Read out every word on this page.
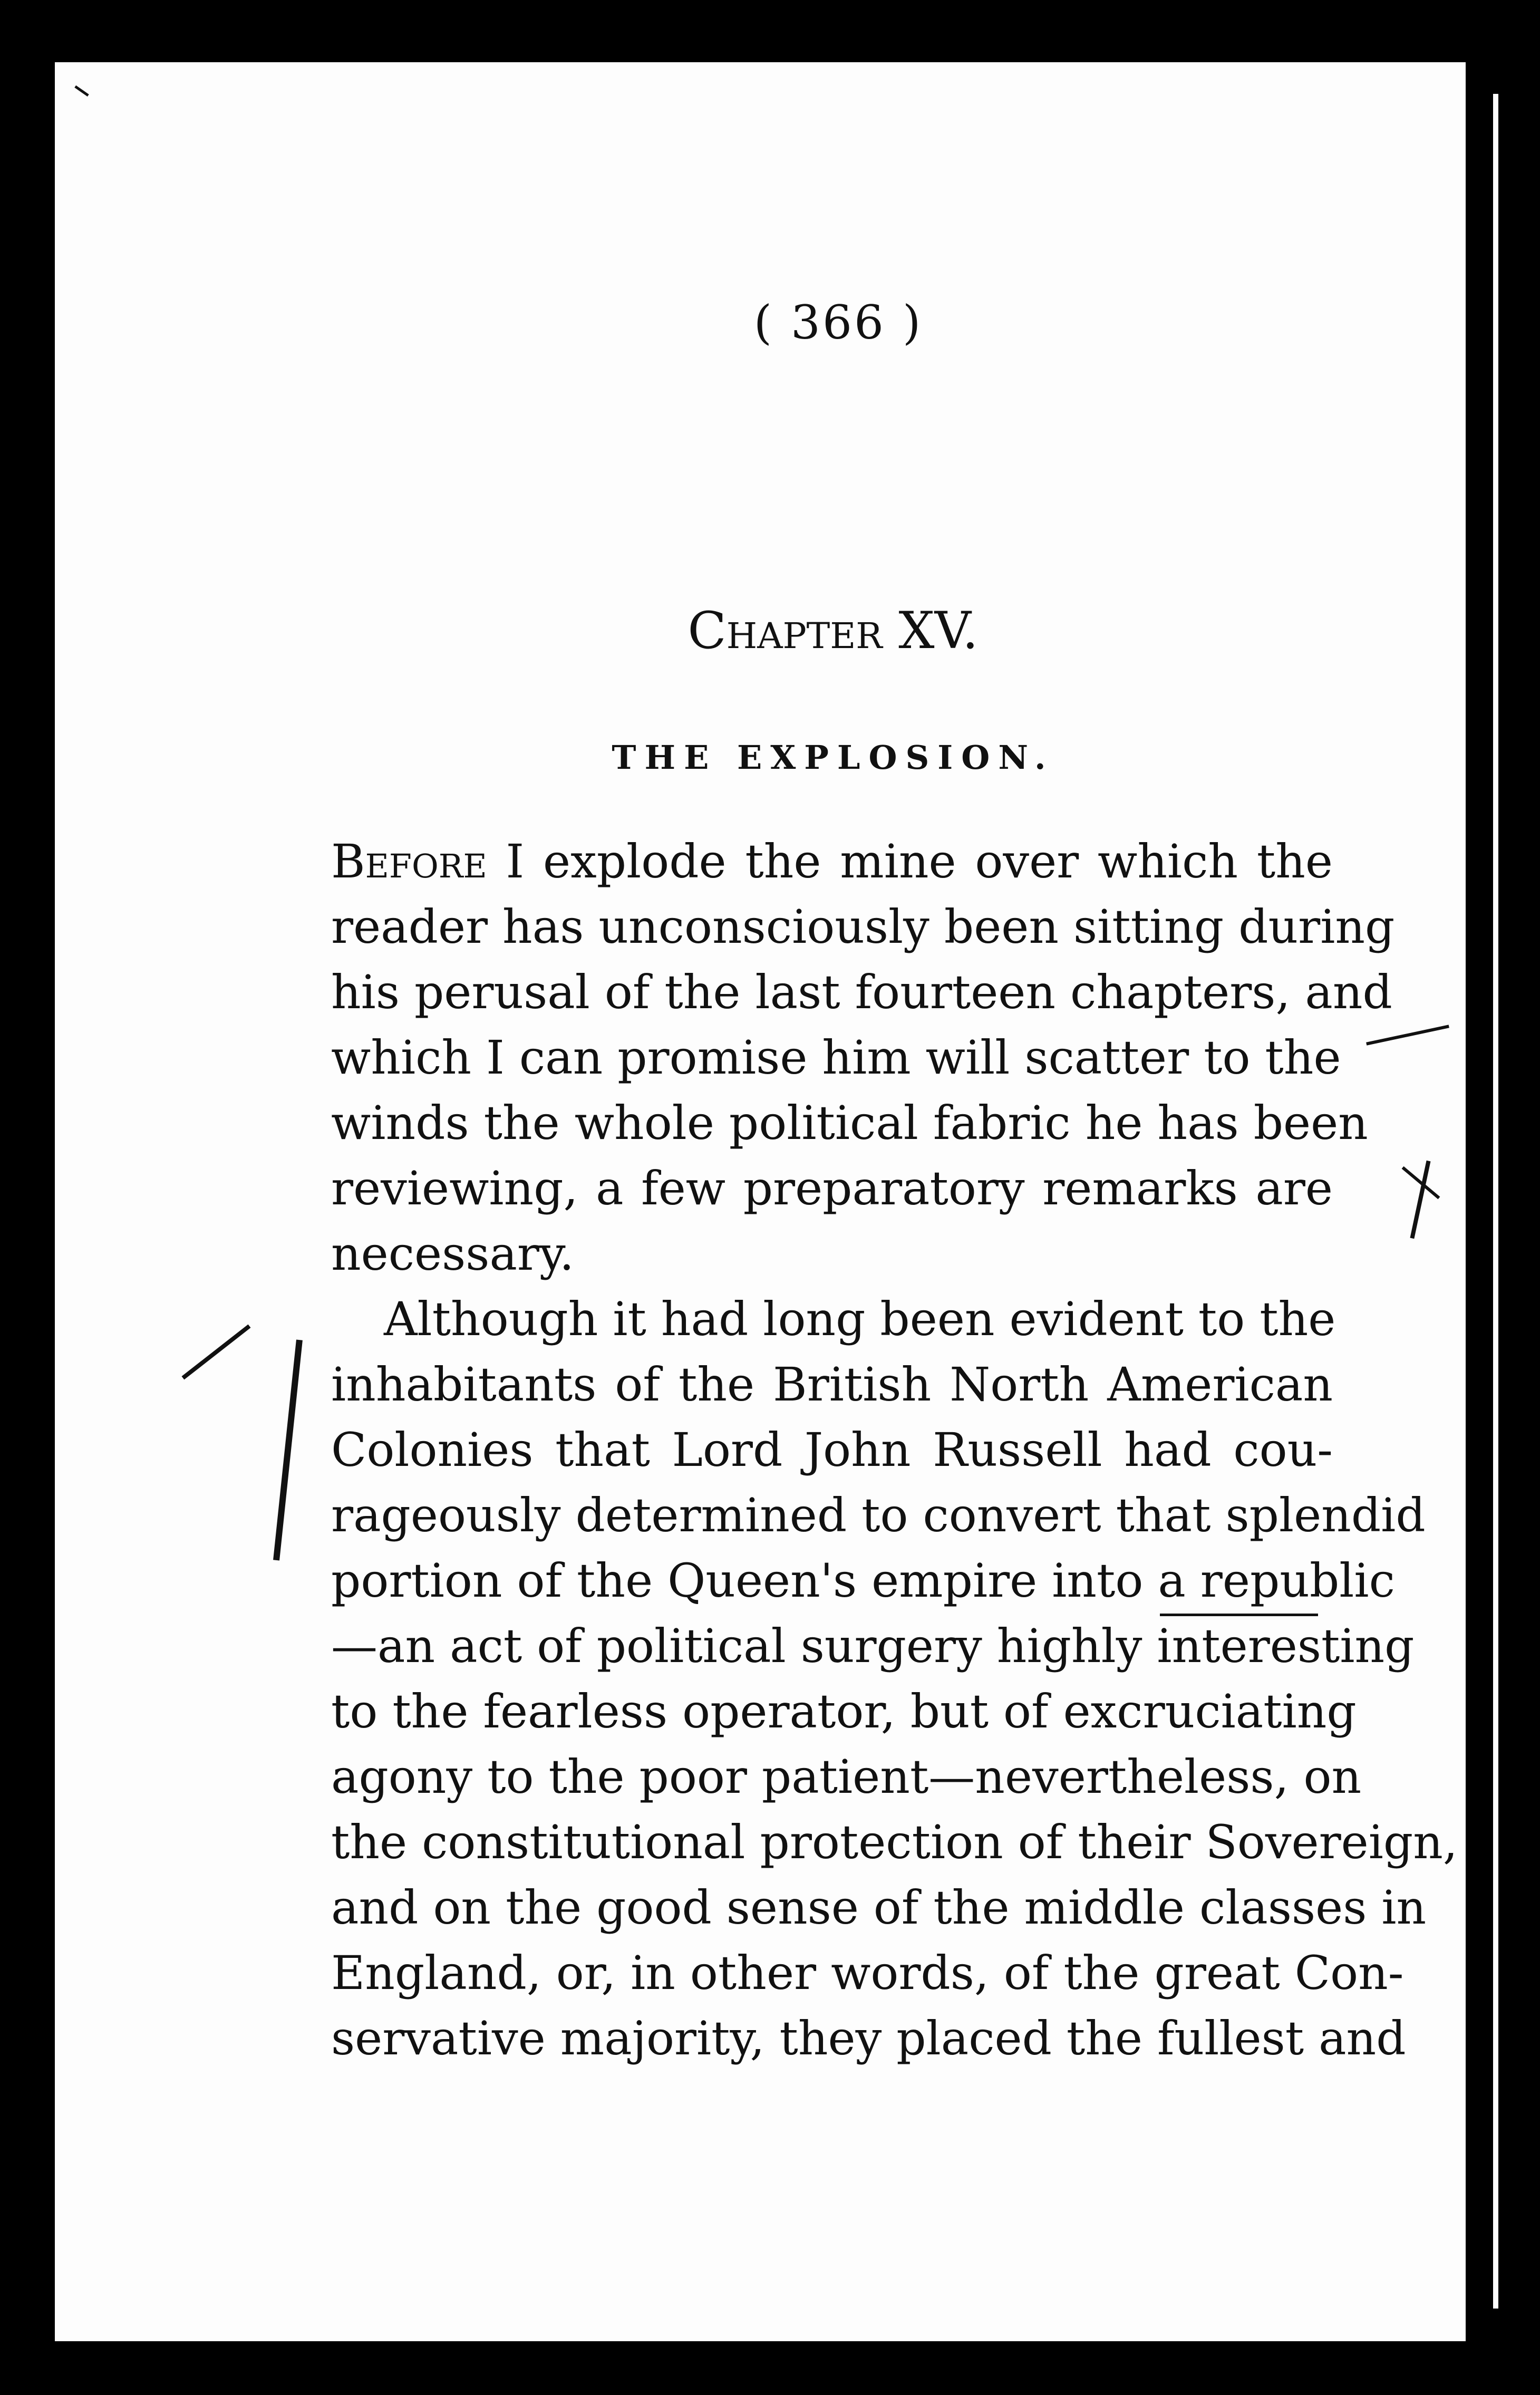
( 366 )
Chapter XV.
THE EXPLOSION.
Before I explode the mine over which the
reader has unconsciously been sitting during
his perusal of the last fourteen chapters, and
which I can promise him will scatter to the
winds the whole political fabric he has been
reviewing, a few preparatory remarks are
necessary.
Although it had long been evident to the
inhabitants of the British North American
Colonies that Lord John Russell had cou-
rageously determined to convert that splendid
portion of the Queen's empire into a republic
—an act of political surgery highly interesting
to the fearless operator, but of excruciating
agony to the poor patient—nevertheless, on
the constitutional protection of their Sovereign,
and on the good sense of the middle classes in
England, or, in other words, of the great Con-
servative majority, they placed the fullest and
